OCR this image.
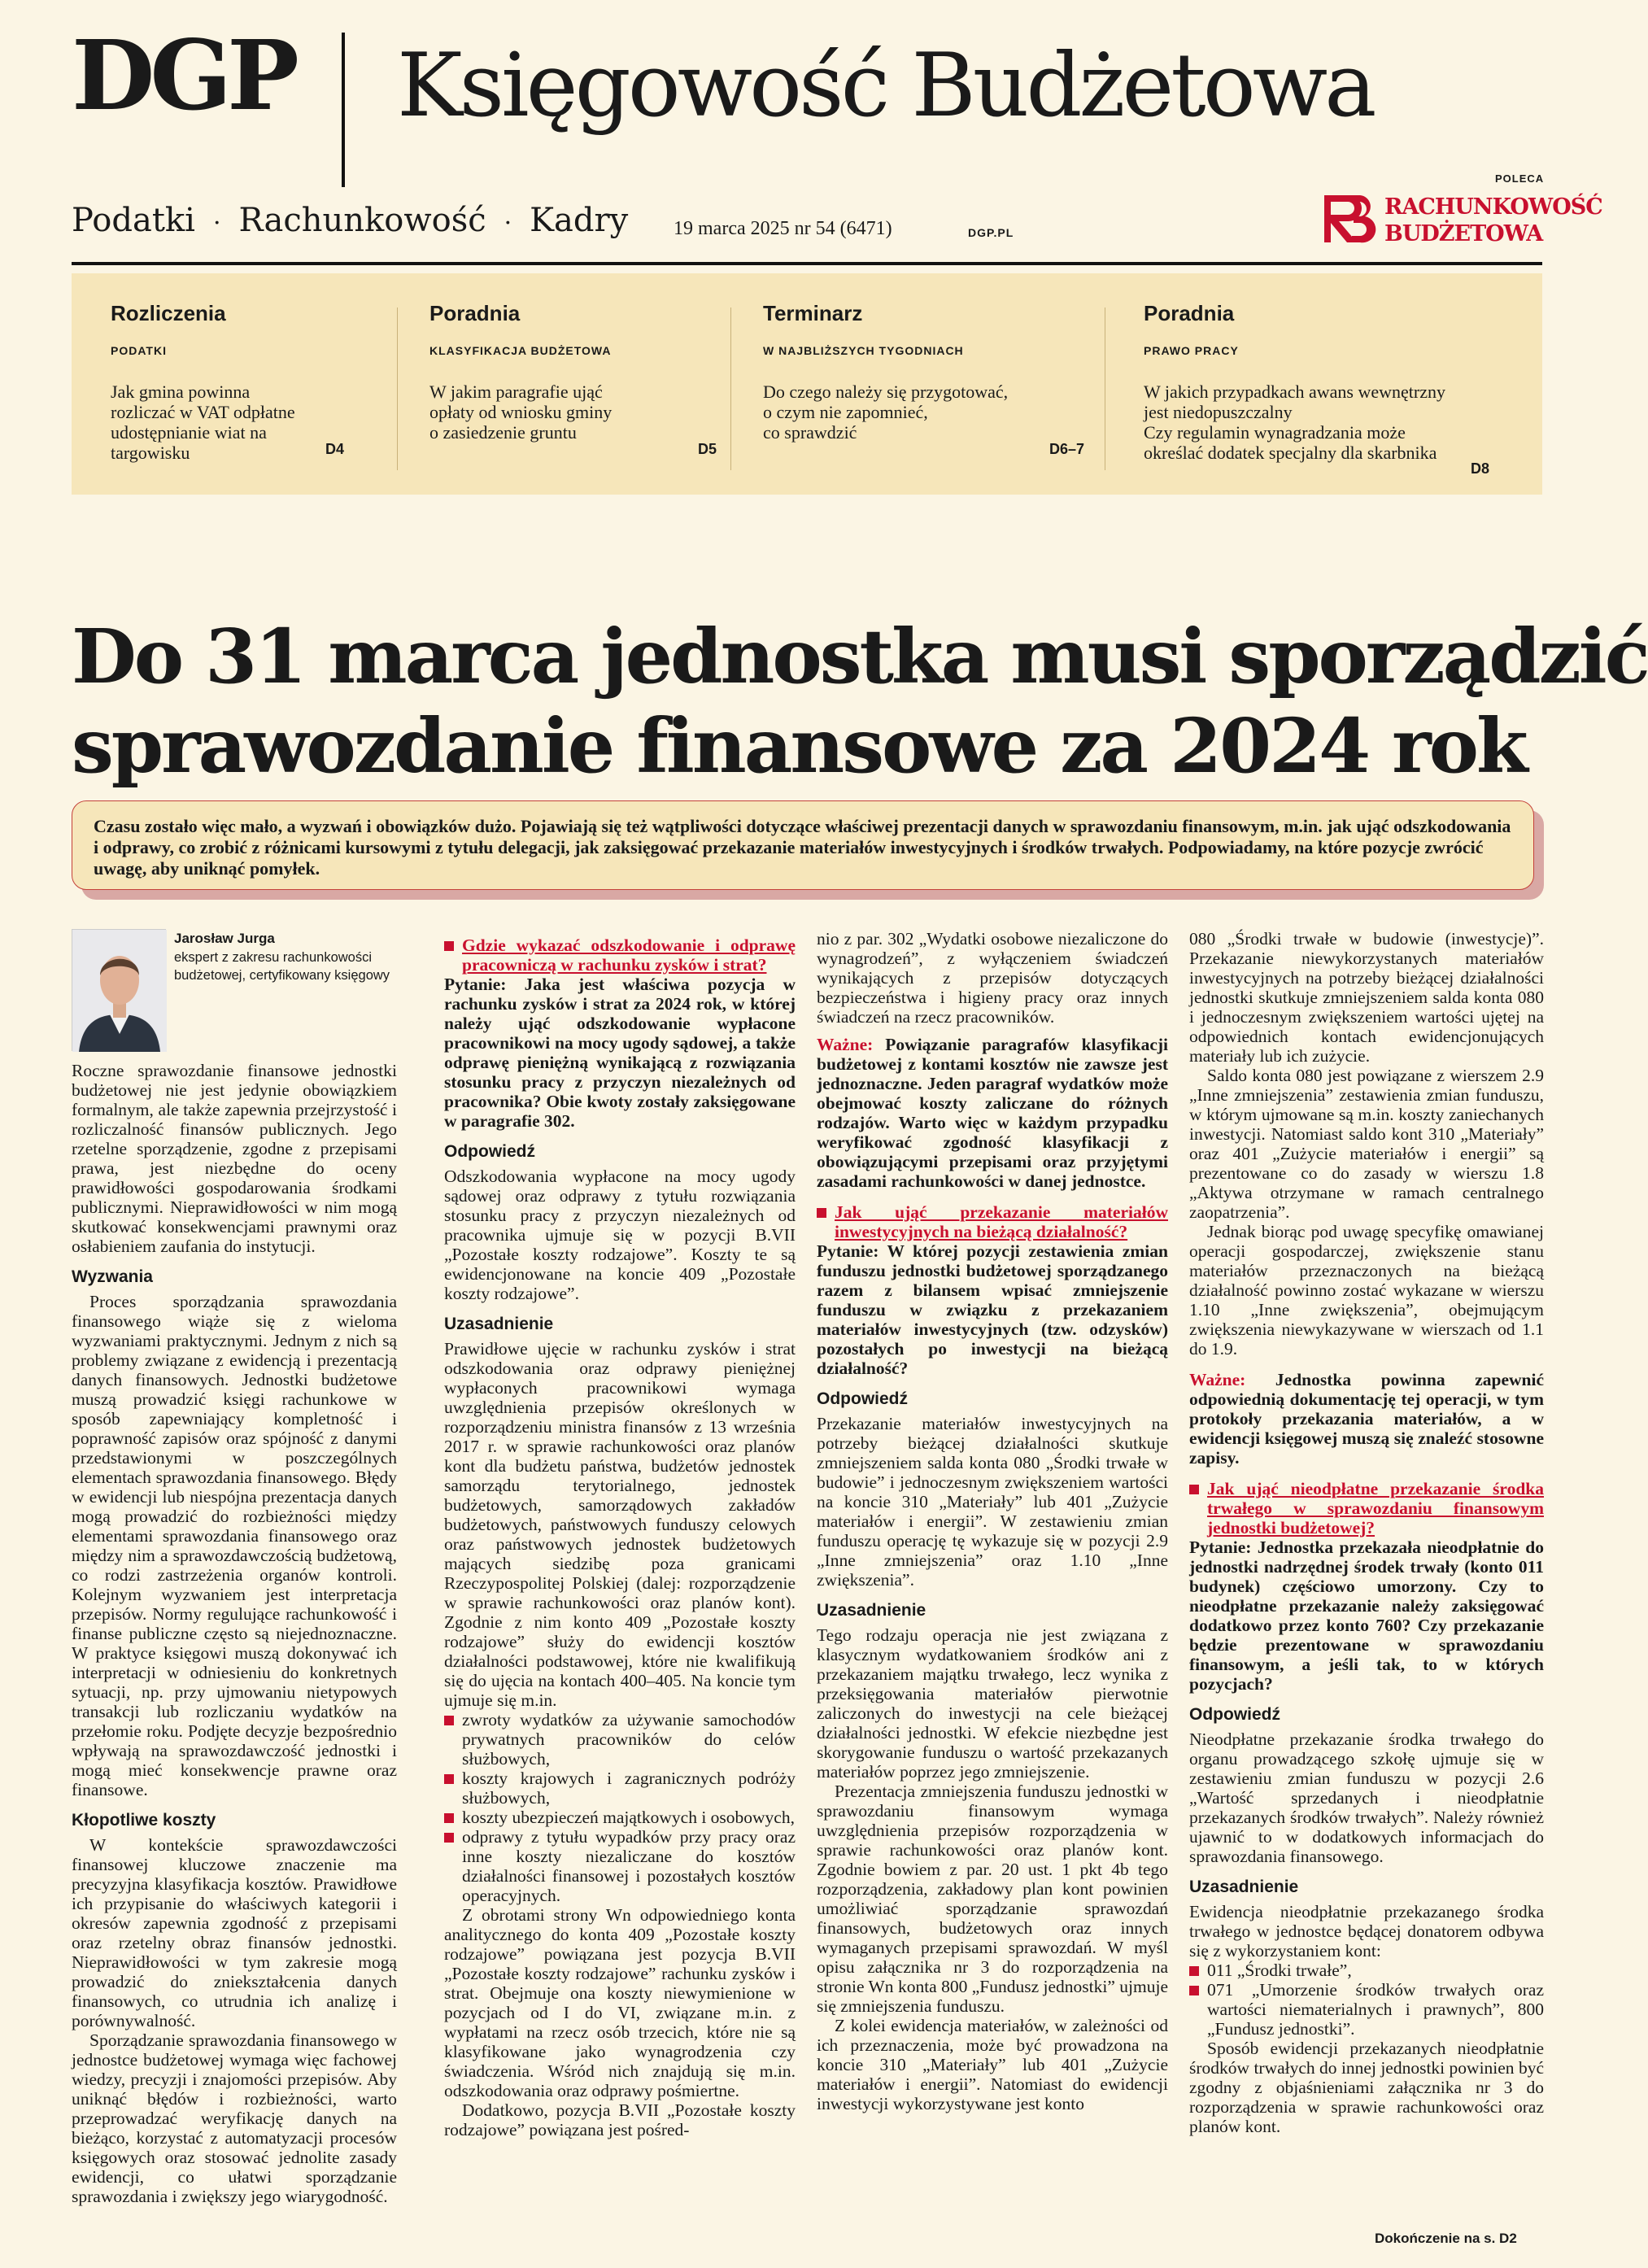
DGP Księgowość Budżetowa
Podatki · Rachunkowość · Kadry 19 marca 2025 nr 54 (6471)	DGP.PL
POLECA
RACHUNKOWOŚĆ
BUDŻETOWA
Rozliczenia
PODATKI
Jak gmina powinna
rozliczać w VAT odpłatne
udostępnianie wiat na
targowisku	D4
Poradnia
KLASYFIKACJA BUDŻETOWA
W jakim paragrafie ująć
opłaty od wniosku gminy
o zasiedzenie gruntu
D5
Terminarz
W NAJBLIŻSZYCH TYGODNIACH
Do czego należy się przygotować,
o czym nie zapomnieć,
co sprawdzić
D6–7
Poradnia
PRAWO PRACY
W jakich przypadkach awans wewnętrzny
jest niedopuszczalny
Czy regulamin wynagradzania może
określać dodatek specjalny dla skarbnika
D8
Do 31 marca jednostka musi sporządzić
sprawozdanie finansowe za 2024 rok
Czasu zostało więc mało, a wyzwań i obowiązków dużo. Pojawiają się też wątpliwości dotyczące właściwej prezentacji danych w sprawozdaniu finansowym, m.in. jak ująć odszkodowania i odprawy, co zrobić z różnicami kursowymi z tytułu delegacji, jak zaksięgować przekazanie materiałów inwestycyjnych i środków trwałych. Podpowiadamy, na które pozycje zwrócić uwagę, aby uniknąć pomyłek.
Jarosław Jurga
ekspert z zakresu rachunkowości budżetowej, certyfikowany księgowy

Roczne sprawozdanie finansowe jednostki budżetowej nie jest jedynie obowiązkiem formalnym, ale także zapewnia przejrzystość i rozliczalność finansów publicznych. Jego rzetelne sporządzenie, zgodne z przepisami prawa, jest niezbędne do oceny prawidłowości gospodarowania środkami publicznymi. Nieprawidłowości w nim mogą skutkować konsekwencjami prawnymi oraz osłabieniem zaufania do instytucji.

Wyzwania

Proces sporządzania sprawozdania finansowego wiąże się z wieloma wyzwaniami praktycznymi. Jednym z nich są problemy związane z ewidencją i prezentacją danych finansowych. Jednostki budżetowe muszą prowadzić księgi rachunkowe w sposób zapewniający kompletność i poprawność zapisów oraz spójność z danymi przedstawionymi w poszczególnych elementach sprawozdania finansowego. Błędy w ewidencji lub niespójna prezentacja danych mogą prowadzić do rozbieżności między elementami sprawozdania finansowego oraz między nim a sprawozdawczością budżetową, co rodzi zastrzeżenia organów kontroli. Kolejnym wyzwaniem jest interpretacja przepisów. Normy regulujące rachunkowość i finanse publiczne często są niejednoznaczne. W praktyce księgowi muszą dokonywać ich interpretacji w odniesieniu do konkretnych sytuacji, np. przy ujmowaniu nietypowych transakcji lub rozliczaniu wydatków na przełomie roku. Podjęte decyzje bezpośrednio wpływają na sprawozdawczość jednostki i mogą mieć konsekwencje prawne oraz finansowe.

Kłopotliwe koszty

W kontekście sprawozdawczości finansowej kluczowe znaczenie ma precyzyjna klasyfikacja kosztów. Prawidłowe ich przypisanie do właściwych kategorii i okresów zapewnia zgodność z przepisami oraz rzetelny obraz finansów jednostki. Nieprawidłowości w tym zakresie mogą prowadzić do zniekształcenia danych finansowych, co utrudnia ich analizę i porównywalność.

Sporządzanie sprawozdania finansowego w jednostce budżetowej wymaga więc fachowej wiedzy, precyzji i znajomości przepisów. Aby uniknąć błędów i rozbieżności, warto przeprowadzać weryfikację danych na bieżąco, korzystać z automatyzacji procesów księgowych oraz stosować jednolite zasady ewidencji, co ułatwi sporządzanie sprawozdania i zwiększy jego wiarygodność.

Gdzie wykazać odszkodowanie i odprawę pracowniczą w rachunku zysków i strat?

Pytanie: Jaka jest właściwa pozycja w rachunku zysków i strat za 2024 rok, w której należy ująć odszkodowanie wypłacone pracownikowi na mocy ugody sądowej, a także odprawę pieniężną wynikającą z rozwiązania stosunku pracy z przyczyn niezależnych od pracownika? Obie kwoty zostały zaksięgowane w paragrafie 302.

Odpowiedź

Odszkodowania wypłacone na mocy ugody sądowej oraz odprawy z tytułu rozwiązania stosunku pracy z przyczyn niezależnych od pracownika ujmuje się w pozycji B.VII „Pozostałe koszty rodzajowe”. Koszty te są ewidencjonowane na koncie 409 „Pozostałe koszty rodzajowe”.

Uzasadnienie

Prawidłowe ujęcie w rachunku zysków i strat odszkodowania oraz odprawy pieniężnej wypłaconych pracownikowi wymaga uwzględnienia przepisów określonych w rozporządzeniu ministra finansów z 13 września 2017 r. w sprawie rachunkowości oraz planów kont dla budżetu państwa, budżetów jednostek samorządu terytorialnego, jednostek budżetowych, samorządowych zakładów budżetowych, państwowych funduszy celowych oraz państwowych jednostek budżetowych mających siedzibę poza granicami Rzeczypospolitej Polskiej (dalej: rozporządzenie w sprawie rachunkowości oraz planów kont). Zgodnie z nim konto 409 „Pozostałe koszty rodzajowe” służy do ewidencji kosztów działalności podstawowej, które nie kwalifikują się do ujęcia na kontach 400–405. Na koncie tym ujmuje się m.in.

zwroty wydatków za używanie samochodów prywatnych pracowników do celów służbowych,
koszty krajowych i zagranicznych podróży służbowych,
koszty ubezpieczeń majątkowych i osobowych,
odprawy z tytułu wypadków przy pracy oraz inne koszty niezaliczane do kosztów działalności finansowej i pozostałych kosztów operacyjnych.

Z obrotami strony Wn odpowiedniego konta analitycznego do konta 409 „Pozostałe koszty rodzajowe” powiązana jest pozycja B.VII „Pozostałe koszty rodzajowe” rachunku zysków i strat. Obejmuje ona koszty niewymienione w pozycjach od I do VI, związane m.in. z wypłatami na rzecz osób trzecich, które nie są klasyfikowane jako wynagrodzenia czy świadczenia. Wśród nich znajdują się m.in. odszkodowania oraz odprawy pośmiertne.

Dodatkowo, pozycja B.VII „Pozostałe koszty rodzajowe” powiązana jest pośred-

nio z par. 302 „Wydatki osobowe niezaliczone do wynagrodzeń”, z wyłączeniem świadczeń wynikających z przepisów dotyczących bezpieczeństwa i higieny pracy oraz innych świadczeń na rzecz pracowników.

Ważne: Powiązanie paragrafów klasyfikacji budżetowej z kontami kosztów nie zawsze jest jednoznaczne. Jeden paragraf wydatków może obejmować koszty zaliczane do różnych rodzajów. Warto więc w każdym przypadku weryfikować zgodność klasyfikacji z obowiązującymi przepisami oraz przyjętymi zasadami rachunkowości w danej jednostce.

Jak ująć przekazanie materiałów inwestycyjnych na bieżącą działalność?

Pytanie: W której pozycji zestawienia zmian funduszu jednostki budżetowej sporządzanego razem z bilansem wpisać zmniejszenie funduszu w związku z przekazaniem materiałów inwestycyjnych (tzw. odzysków) pozostałych po inwestycji na bieżącą działalność?

Odpowiedź

Przekazanie materiałów inwestycyjnych na potrzeby bieżącej działalności skutkuje zmniejszeniem salda konta 080 „Środki trwałe w budowie” i jednoczesnym zwiększeniem wartości na koncie 310 „Materiały” lub 401 „Zużycie materiałów i energii”. W zestawieniu zmian funduszu operację tę wykazuje się w pozycji 2.9 „Inne zmniejszenia” oraz 1.10 „Inne zwiększenia”.

Uzasadnienie

Tego rodzaju operacja nie jest związana z klasycznym wydatkowaniem środków ani z przekazaniem majątku trwałego, lecz wynika z przeksięgowania materiałów pierwotnie zaliczonych do inwestycji na cele bieżącej działalności jednostki. W efekcie niezbędne jest skorygowanie funduszu o wartość przekazanych materiałów poprzez jego zmniejszenie.

Prezentacja zmniejszenia funduszu jednostki w sprawozdaniu finansowym wymaga uwzględnienia przepisów rozporządzenia w sprawie rachunkowości oraz planów kont. Zgodnie bowiem z par. 20 ust. 1 pkt 4b tego rozporządzenia, zakładowy plan kont powinien umożliwiać sporządzanie sprawozdań finansowych, budżetowych oraz innych wymaganych przepisami sprawozdań. W myśl opisu załącznika nr 3 do rozporządzenia na stronie Wn konta 800 „Fundusz jednostki” ujmuje się zmniejszenia funduszu.

Z kolei ewidencja materiałów, w zależności od ich przeznaczenia, może być prowadzona na koncie 310 „Materiały” lub 401 „Zużycie materiałów i energii”. Natomiast do ewidencji inwestycji wykorzystywane jest konto

080 „Środki trwałe w budowie (inwestycje)”. Przekazanie niewykorzystanych materiałów inwestycyjnych na potrzeby bieżącej działalności jednostki skutkuje zmniejszeniem salda konta 080 i jednoczesnym zwiększeniem wartości ujętej na odpowiednich kontach ewidencjonujących materiały lub ich zużycie.

Saldo konta 080 jest powiązane z wierszem 2.9 „Inne zmniejszenia” zestawienia zmian funduszu, w którym ujmowane są m.in. koszty zaniechanych inwestycji. Natomiast saldo kont 310 „Materiały” oraz 401 „Zużycie materiałów i energii” są prezentowane co do zasady w wierszu 1.8 „Aktywa otrzymane w ramach centralnego zaopatrzenia”.

Jednak biorąc pod uwagę specyfikę omawianej operacji gospodarczej, zwiększenie stanu materiałów przeznaczonych na bieżącą działalność powinno zostać wykazane w wierszu 1.10 „Inne zwiększenia”, obejmującym zwiększenia niewykazywane w wierszach od 1.1 do 1.9.

Ważne: Jednostka powinna zapewnić odpowiednią dokumentację tej operacji, w tym protokoły przekazania materiałów, a w ewidencji księgowej muszą się znaleźć stosowne zapisy.

Jak ująć nieodpłatne przekazanie środka trwałego w sprawozdaniu finansowym jednostki budżetowej?

Pytanie: Jednostka przekazała nieodpłatnie do jednostki nadrzędnej środek trwały (konto 011 budynek) częściowo umorzony. Czy to nieodpłatne przekazanie należy zaksięgować dodatkowo przez konto 760? Czy przekazanie będzie prezentowane w sprawozdaniu finansowym, a jeśli tak, to w których pozycjach?

Odpowiedź

Nieodpłatne przekazanie środka trwałego do organu prowadzącego szkołę ujmuje się w zestawieniu zmian funduszu w pozycji 2.6 „Wartość sprzedanych i nieodpłatnie przekazanych środków trwałych”. Należy również ujawnić to w dodatkowych informacjach do sprawozdania finansowego.

Uzasadnienie

Ewidencja nieodpłatnie przekazanego środka trwałego w jednostce będącej donatorem odbywa się z wykorzystaniem kont:

011 „Środki trwałe”,
071 „Umorzenie środków trwałych oraz wartości niematerialnych i prawnych”, 800 „Fundusz jednostki”.

Sposób ewidencji przekazanych nieodpłatnie środków trwałych do innej jednostki powinien być zgodny z objaśnieniami załącznika nr 3 do rozporządzenia w sprawie rachunkowości oraz planów kont.

Dokończenie na s. D2
